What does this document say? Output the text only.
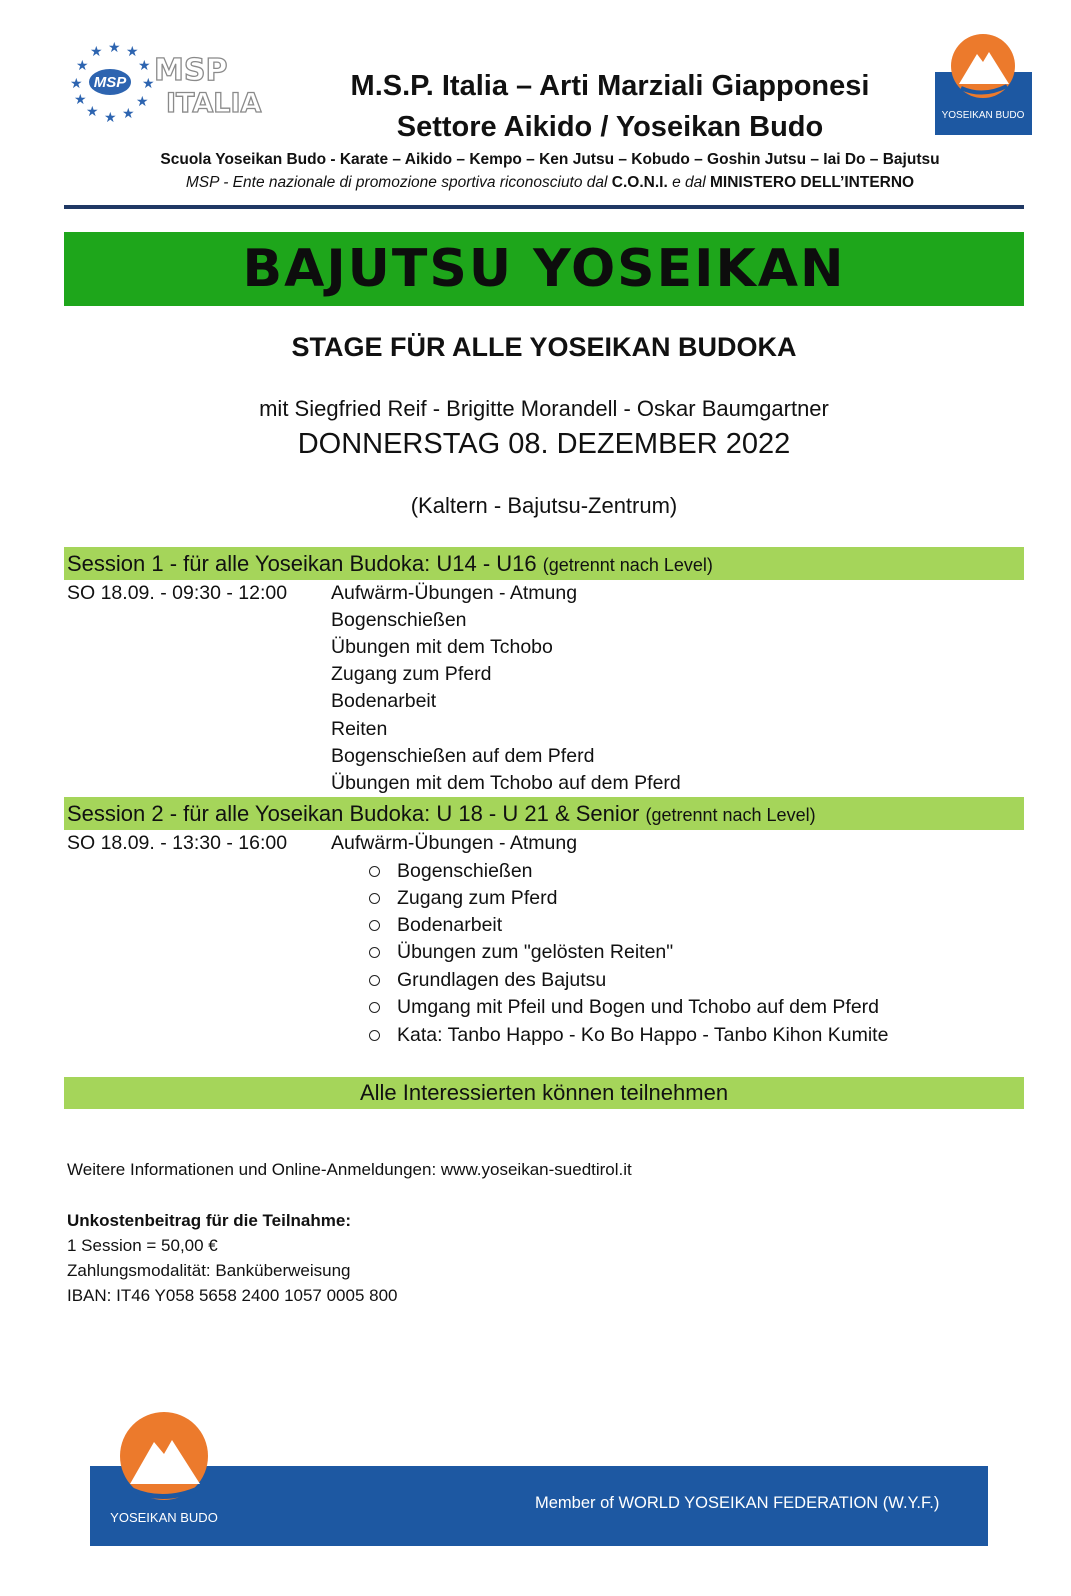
★
★
★ ★ ★
★
★
★
★
★
★
★
MSP MSP
ITALIA
M.S.P. Italia – Arti Marziali Giapponesi
Settore Aikido / Yoseikan Budo	YOSEIKAN BUDO
Scuola Yoseikan Budo - Karate – Aikido – Kempo – Ken Jutsu – Kobudo – Goshin Jutsu – Iai Do – Bajutsu
MSP - Ente nazionale di promozione sportiva riconosciuto dal C.O.N.I. e dal MINISTERO DELL’INTERNO
BAJUTSU YOSEIKAN
STAGE FÜR ALLE YOSEIKAN BUDOKA
mit Siegfried Reif - Brigitte Morandell - Oskar Baumgartner
DONNERSTAG 08. DEZEMBER 2022
(Kaltern - Bajutsu-Zentrum)
Session 1 - für alle Yoseikan Budoka: U14 - U16 (getrennt nach Level)
SO 18.09. - 09:30 - 12:00 Aufwärm-Übungen - Atmung
Bogenschießen
Übungen mit dem Tchobo
Zugang zum Pferd
Bodenarbeit
Reiten
Bogenschießen auf dem Pferd
Übungen mit dem Tchobo auf dem Pferd
Session 2 - für alle Yoseikan Budoka: U 18 - U 21 & Senior (getrennt nach Level)
SO 18.09. - 13:30 - 16:00 Aufwärm-Übungen - Atmung
Bogenschießen
Zugang zum Pferd
Bodenarbeit
Übungen zum "gelösten Reiten"
Grundlagen des Bajutsu
Umgang mit Pfeil und Bogen und Tchobo auf dem Pferd
Kata: Tanbo Happo - Ko Bo Happo - Tanbo Kihon Kumite
Alle Interessierten können teilnehmen
Weitere Informationen und Online-Anmeldungen: www.yoseikan-suedtirol.it
Unkostenbeitrag für die Teilnahme:
1 Session = 50,00 €
Zahlungsmodalität: Banküberweisung
IBAN: IT46 Y058 5658 2400 1057 0005 800
YOSEIKAN BUDO
Member of WORLD YOSEIKAN FEDERATION (W.Y.F.)
